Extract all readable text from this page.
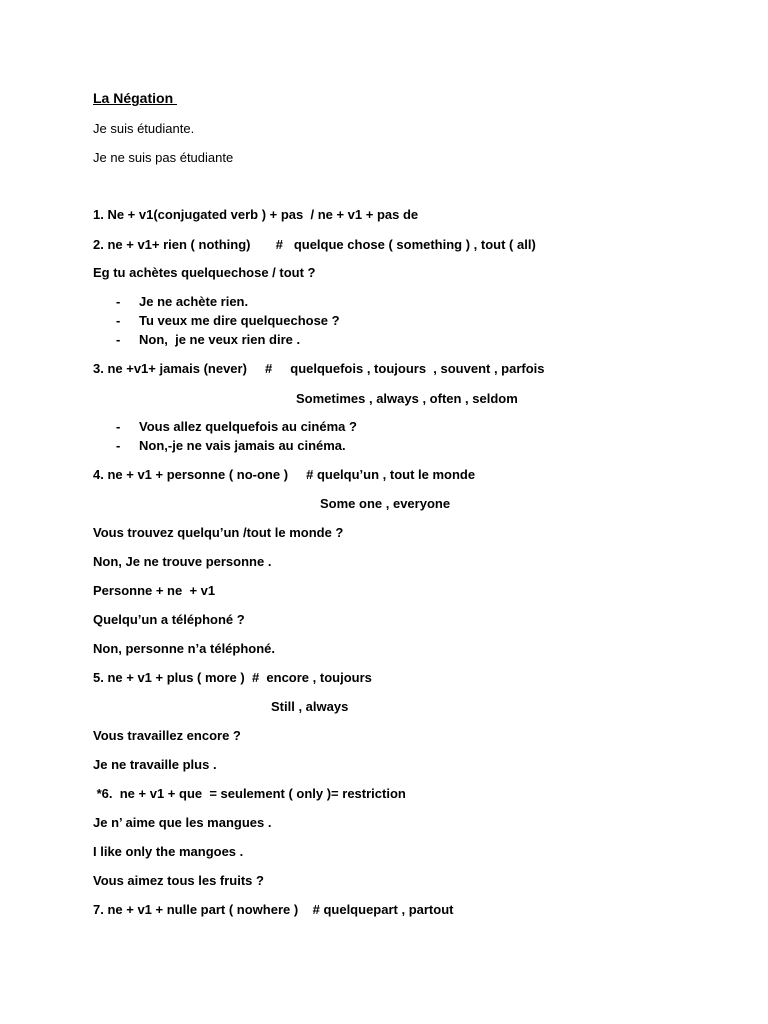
La Négation
Je suis étudiante.
Je ne suis pas étudiante
1. Ne + v1(conjugated verb ) + pas  / ne + v1 + pas de
2. ne + v1+ rien ( nothing)       #   quelque chose ( something ) , tout ( all)
Eg tu achètes quelquechose / tout ?
- Je ne achète rien.
- Tu veux me dire quelquechose ?
- Non,  je ne veux rien dire .
3. ne +v1+ jamais (never)     #     quelquefois , toujours  , souvent , parfois
Sometimes , always , often , seldom
- Vous allez quelquefois au cinéma ?
- Non,-je ne vais jamais au cinéma.
4. ne + v1 + personne ( no-one )     # quelqu’un , tout le monde
Some one , everyone
Vous trouvez quelqu’un /tout le monde ?
Non, Je ne trouve personne .
Personne + ne  + v1
Quelqu’un a téléphoné ?
Non, personne n’a téléphoné.
5. ne + v1 + plus ( more )  #  encore , toujours
Still , always
Vous travaillez encore ?
Je ne travaille plus .
*6.  ne + v1 + que  = seulement ( only )= restriction
Je n’ aime que les mangues .
I like only the mangoes .
Vous aimez tous les fruits ?
7. ne + v1 + nulle part ( nowhere )    # quelquepart , partout
